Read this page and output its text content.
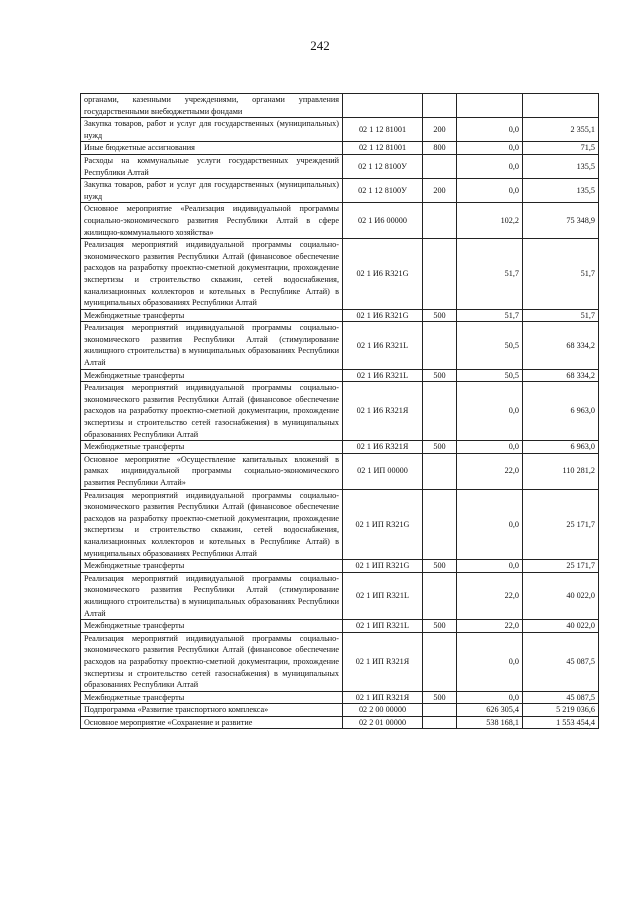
242
органами, казенными учреждениями, органами управления государственными внебюджетными фондами				
Закупка товаров, работ и услуг для государственных (муниципальных) нужд	02 1 12 81001	200	0,0	2 355,1
Иные бюджетные ассигнования	02 1 12 81001	800	0,0	71,5
Расходы на коммунальные услуги государственных учреждений Республики Алтай	02 1 12 8100У		0,0	135,5
Закупка товаров, работ и услуг для государственных (муниципальных) нужд	02 1 12 8100У	200	0,0	135,5
Основное мероприятие «Реализация индивидуальной программы социально-экономического развития Республики Алтай в сфере жилищно-коммунального хозяйства»	02 1 И6 00000		102,2	75 348,9
Реализация мероприятий индивидуальной программы социально-экономического развития Республики Алтай (финансовое обеспечение расходов на разработку проектно-сметной документации, прохождение экспертизы и строительство скважин, сетей водоснабжения, канализационных коллекторов и котельных в Республике Алтай) в муниципальных образованиях Республики Алтай	02 1 И6 R321G		51,7	51,7
Межбюджетные трансферты	02 1 И6 R321G	500	51,7	51,7
Реализация мероприятий индивидуальной программы социально-экономического развития Республики Алтай (стимулирование жилищного строительства) в муниципальных образованиях Республики Алтай	02 1 И6 R321L		50,5	68 334,2
Межбюджетные трансферты	02 1 И6 R321L	500	50,5	68 334,2
Реализация мероприятий индивидуальной программы социально-экономического развития Республики Алтай (финансовое обеспечение расходов на разработку проектно-сметной документации, прохождение экспертизы и строительство сетей газоснабжения) в муниципальных образованиях Республики Алтай	02 1 И6 R321Я		0,0	6 963,0
Межбюджетные трансферты	02 1 И6 R321Я	500	0,0	6 963,0
Основное мероприятие «Осуществление капитальных вложений в рамках индивидуальной программы социально-экономического развития Республики Алтай»	02 1 ИП 00000		22,0	110 281,2
Реализация мероприятий индивидуальной программы социально-экономического развития Республики Алтай (финансовое обеспечение расходов на разработку проектно-сметной документации, прохождение экспертизы и строительство скважин, сетей водоснабжения, канализационных коллекторов и котельных в Республике Алтай) в муниципальных образованиях Республики Алтай	02 1 ИП R321G		0,0	25 171,7
Межбюджетные трансферты	02 1 ИП R321G	500	0,0	25 171,7
Реализация мероприятий индивидуальной программы социально-экономического развития Республики Алтай (стимулирование жилищного строительства) в муниципальных образованиях Республики Алтай	02 1 ИП R321L		22,0	40 022,0
Межбюджетные трансферты	02 1 ИП R321L	500	22,0	40 022,0
Реализация мероприятий индивидуальной программы социально-экономического развития Республики Алтай (финансовое обеспечение расходов на разработку проектно-сметной документации, прохождение экспертизы и строительство сетей газоснабжения) в муниципальных образованиях Республики Алтай	02 1 ИП R321Я		0,0	45 087,5
Межбюджетные трансферты	02 1 ИП R321Я	500	0,0	45 087,5
Подпрограмма «Развитие транспортного комплекса»	02 2 00 00000		626 305,4	5 219 036,6
Основное мероприятие «Сохранение и развитие	02 2 01 00000		538 168,1	1 553 454,4
